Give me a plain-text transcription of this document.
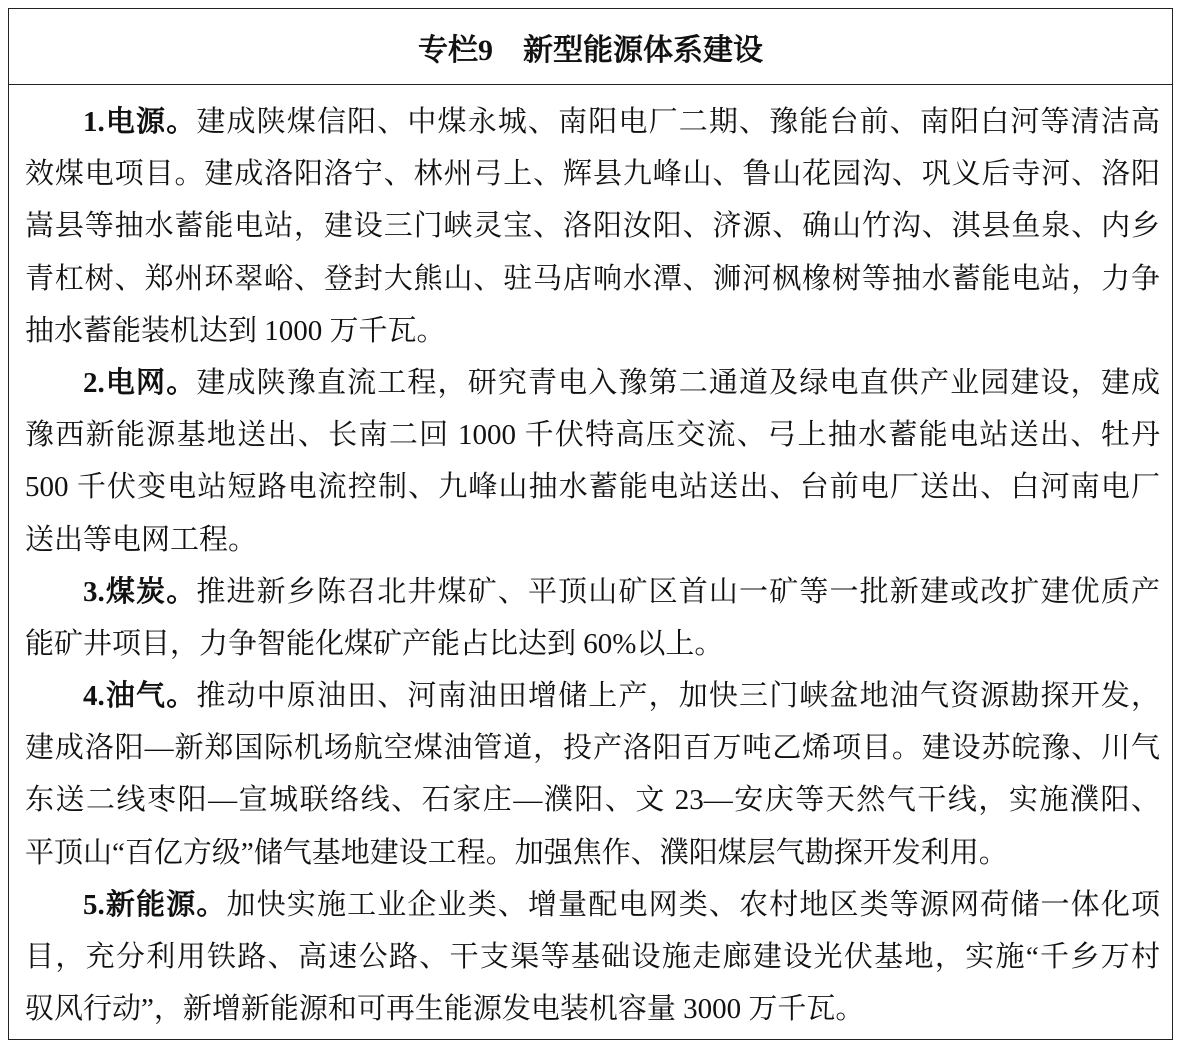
专栏9　新型能源体系建设
1.电源。建成陕煤信阳、中煤永城、南阳电厂二期、豫能台前、南阳白河等清洁高
效煤电项目。建成洛阳洛宁、林州弓上、辉县九峰山、鲁山花园沟、巩义后寺河、洛阳
嵩县等抽水蓄能电站，建设三门峡灵宝、洛阳汝阳、济源、确山竹沟、淇县鱼泉、内乡
青杠树、郑州环翠峪、登封大熊山、驻马店响水潭、浉河枫橡树等抽水蓄能电站，力争
抽水蓄能装机达到 1000 万千瓦。
2.电网。建成陕豫直流工程，研究青电入豫第二通道及绿电直供产业园建设，建成
豫西新能源基地送出、长南二回 1000 千伏特高压交流、弓上抽水蓄能电站送出、牡丹
500 千伏变电站短路电流控制、九峰山抽水蓄能电站送出、台前电厂送出、白河南电厂
送出等电网工程。
3.煤炭。推进新乡陈召北井煤矿、平顶山矿区首山一矿等一批新建或改扩建优质产
能矿井项目，力争智能化煤矿产能占比达到 60%以上。
4.油气。推动中原油田、河南油田增储上产，加快三门峡盆地油气资源勘探开发，
建成洛阳—新郑国际机场航空煤油管道，投产洛阳百万吨乙烯项目。建设苏皖豫、川气
东送二线枣阳—宣城联络线、石家庄—濮阳、文 23—安庆等天然气干线，实施濮阳、
平顶山“百亿方级”储气基地建设工程。加强焦作、濮阳煤层气勘探开发利用。
5.新能源。加快实施工业企业类、增量配电网类、农村地区类等源网荷储一体化项
目，充分利用铁路、高速公路、干支渠等基础设施走廊建设光伏基地，实施“千乡万村
驭风行动”，新增新能源和可再生能源发电装机容量 3000 万千瓦。
